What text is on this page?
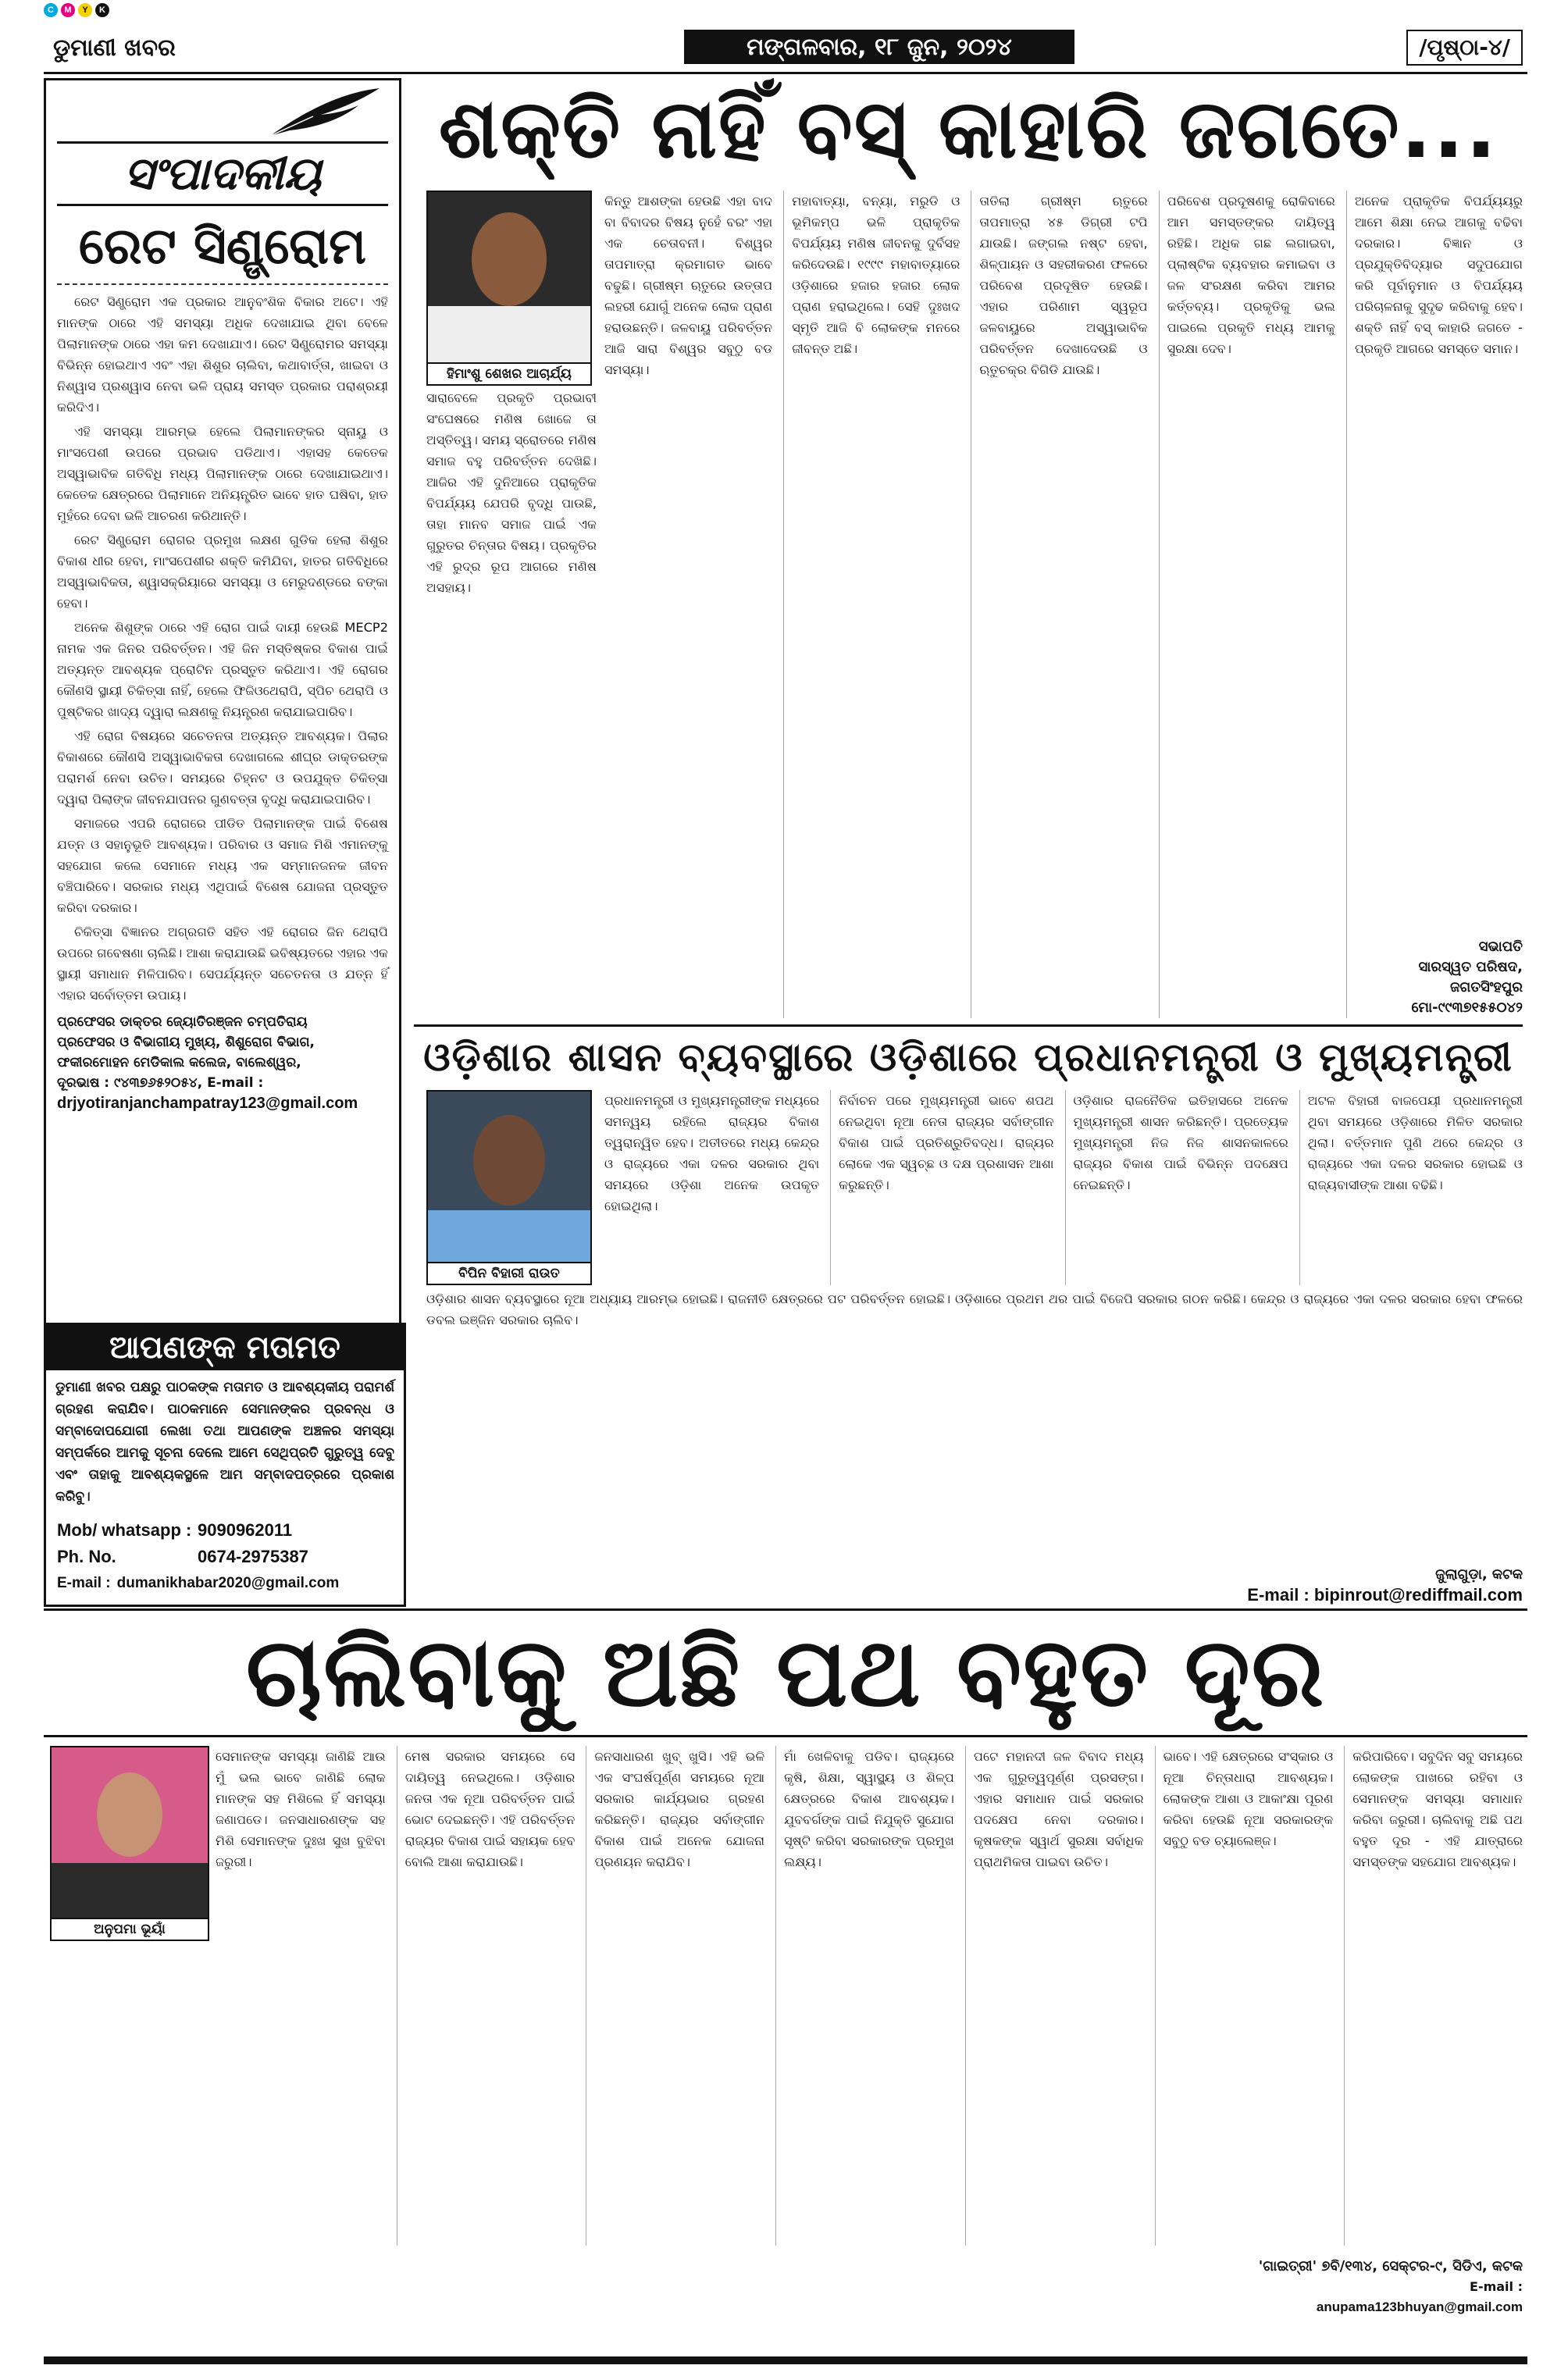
C	M	Y	K
ଡୁମାଣୀ ଖବର	ମଙ୍ଗଳବାର, ୧୮ ଜୁନ, ୨୦୨୪	/ପୃଷ୍ଠା-୪/
ସଂପାଦକୀୟ
ରେଟ ସିଣ୍ଡ୍ରୋମ

ରେଟ ସିଣ୍ଡ୍ରୋମ ଏକ ପ୍ରକାର ଆନୁବଂଶିକ ବିକାର ଅଟେ। ଏହି ମାନଙ୍କ ଠାରେ ଏହି ସମସ୍ୟା ଅଧିକ ଦେଖାଯାଇ ଥିବା ବେଳେ ପିଲାମାନଙ୍କ ଠାରେ ଏହା କମ ଦେଖାଯାଏ। ରେଟ ସିଣ୍ଡ୍ରୋମର ସମସ୍ୟା ବିଭିନ୍ନ ହୋଇଥାଏ ଏବଂ ଏହା ଶିଶୁର ଚାଲିବା, କଥାବାର୍ତ୍ତା, ଖାଇବା ଓ ନିଶ୍ୱାସ ପ୍ରଶ୍ୱାସ ନେବା ଭଳି ପ୍ରାୟ ସମସ୍ତ ପ୍ରକାର ପରାଶ୍ରୟୀ କରିଦିଏ।

ଏହି ସମସ୍ୟା ଆରମ୍ଭ ହେଲେ ପିଲାମାନଙ୍କର ସ୍ନାୟୁ ଓ ମାଂସପେଶୀ ଉପରେ ପ୍ରଭାବ ପଡିଥାଏ। ଏହାସହ କେତେକ ଅସ୍ୱାଭାବିକ ଗତିବିଧି ମଧ୍ୟ ପିଲାମାନଙ୍କ ଠାରେ ଦେଖାଯାଇଥାଏ। କେତେକ କ୍ଷେତ୍ରରେ ପିଲାମାନେ ଅନିୟନ୍ତ୍ରିତ ଭାବେ ହାତ ଘଷିବା, ହାତ ମୁହଁରେ ଦେବା ଭଳି ଆଚରଣ କରିଥାନ୍ତି।

ରେଟ ସିଣ୍ଡ୍ରୋମ ରୋଗର ପ୍ରମୁଖ ଲକ୍ଷଣ ଗୁଡିକ ହେଲା ଶିଶୁର ବିକାଶ ଧୀର ହେବା, ମାଂସପେଶୀର ଶକ୍ତି କମିଯିବା, ହାତର ଗତିବିଧିରେ ଅସ୍ୱାଭାବିକତା, ଶ୍ୱାସକ୍ରିୟାରେ ସମସ୍ୟା ଓ ମେରୁଦଣ୍ଡରେ ବଙ୍କା ହେବା।

ଅନେକ ଶିଶୁଙ୍କ ଠାରେ ଏହି ରୋଗ ପାଇଁ ଦାୟୀ ହେଉଛି MECP2 ନାମକ ଏକ ଜିନର ପରିବର୍ତ୍ତନ। ଏହି ଜିନ ମସ୍ତିଷ୍କର ବିକାଶ ପାଇଁ ଅତ୍ୟନ୍ତ ଆବଶ୍ୟକ ପ୍ରୋଟିନ ପ୍ରସ୍ତୁତ କରିଥାଏ। ଏହି ରୋଗର କୌଣସି ସ୍ଥାୟୀ ଚିକିତ୍ସା ନାହିଁ, ହେଲେ ଫିଜିଓଥେରାପି, ସ୍ପିଚ ଥେରାପି ଓ ପୁଷ୍ଟିକର ଖାଦ୍ୟ ଦ୍ୱାରା ଲକ୍ଷଣକୁ ନିୟନ୍ତ୍ରଣ କରାଯାଇପାରିବ।

ଏହି ରୋଗ ବିଷୟରେ ସଚେତନତା ଅତ୍ୟନ୍ତ ଆବଶ୍ୟକ। ପିଲାର ବିକାଶରେ କୌଣସି ଅସ୍ୱାଭାବିକତା ଦେଖାଗଲେ ଶୀଘ୍ର ଡାକ୍ତରଙ୍କ ପରାମର୍ଶ ନେବା ଉଚିତ। ସମୟରେ ଚିହ୍ନଟ ଓ ଉପଯୁକ୍ତ ଚିକିତ୍ସା ଦ୍ୱାରା ପିଲାଙ୍କ ଜୀବନଯାପନର ଗୁଣବତ୍ତା ବୃଦ୍ଧି କରାଯାଇପାରିବ।

ସମାଜରେ ଏପରି ରୋଗରେ ପୀଡିତ ପିଲାମାନଙ୍କ ପାଇଁ ବିଶେଷ ଯତ୍ନ ଓ ସହାନୁଭୂତି ଆବଶ୍ୟକ। ପରିବାର ଓ ସମାଜ ମିଶି ଏମାନଙ୍କୁ ସହଯୋଗ କଲେ ସେମାନେ ମଧ୍ୟ ଏକ ସମ୍ମାନଜନକ ଜୀବନ ବଞ୍ଚିପାରିବେ। ସରକାର ମଧ୍ୟ ଏଥିପାଇଁ ବିଶେଷ ଯୋଜନା ପ୍ରସ୍ତୁତ କରିବା ଦରକାର।

ଚିକିତ୍ସା ବିଜ୍ଞାନର ଅଗ୍ରଗତି ସହିତ ଏହି ରୋଗର ଜିନ ଥେରାପି ଉପରେ ଗବେଷଣା ଚାଲିଛି। ଆଶା କରାଯାଉଛି ଭବିଷ୍ୟତରେ ଏହାର ଏକ ସ୍ଥାୟୀ ସମାଧାନ ମିଳିପାରିବ। ସେପର୍ଯ୍ୟନ୍ତ ସଚେତନତା ଓ ଯତ୍ନ ହିଁ ଏହାର ସର୍ବୋତ୍ତମ ଉପାୟ।

ପ୍ରଫେସର ଡାକ୍ତର ଜ୍ୟୋତିରଞ୍ଜନ ଚମ୍ପତିରାୟ
ପ୍ରଫେସର ଓ ବିଭାଗୀୟ ମୁଖ୍ୟ, ଶିଶୁରୋଗ ବିଭାଗ,
ଫକୀରମୋହନ ମେଡିକାଲ କଲେଜ, ବାଲେଶ୍ୱର,
ଦୂରଭାଷ : ୯୪୩୭୬୫୨୦୫୪, E-mail :
drjyotiranjanchampatray123@gmail.com
ଆପଣଙ୍କ ମତାମତ
ଡୁମାଣୀ ଖବର ପକ୍ଷରୁ ପାଠକଙ୍କ ମତାମତ ଓ ଆବଶ୍ୟକୀୟ ପରାମର୍ଶ ଗ୍ରହଣ କରାଯିବ। ପାଠକମାନେ ସେମାନଙ୍କର ପ୍ରବନ୍ଧ ଓ ସମ୍ବାଦୋପଯୋଗୀ ଲେଖା ତଥା ଆପଣଙ୍କ ଅଞ୍ଚଳର ସମସ୍ୟା ସମ୍ପର୍କରେ ଆମକୁ ସୂଚନା ଦେଲେ ଆମେ ସେଥିପ୍ରତି ଗୁରୁତ୍ୱ ଦେବୁ ଏବଂ ତାହାକୁ ଆବଶ୍ୟକସ୍ଥଳେ ଆମ ସମ୍ବାଦପତ୍ରରେ ପ୍ରକାଶ କରିବୁ।
Mob/ whatsapp : 9090962011
Ph. No.	0674-2975387
E-mail : dumanikhabar2020@gmail.com
ଶକ୍ତି ନାହିଁ ବସ୍ କାହାରି ଜଗତେ...
ହିମାଂଶୁ ଶେଖର ଆଚାର୍ଯ୍ୟ
ସାରାବେଳେ ପ୍ରକୃତି ପ୍ରଭାବୀ ସଂଘେଷରେ ମଣିଷ ଖୋଜେ ତା ଅସ୍ତିତ୍ୱ। ସମୟ ସ୍ରୋତରେ ମଣିଷ ସମାଜ ବହୁ ପରିବର୍ତ୍ତନ ଦେଖିଛି। ଆଜିର ଏହି ଦୁନିଆରେ ପ୍ରାକୃତିକ ବିପର୍ଯ୍ୟୟ ଯେପରି ବୃଦ୍ଧି ପାଉଛି, ତାହା ମାନବ ସମାଜ ପାଇଁ ଏକ ଗୁରୁତର ଚିନ୍ତାର ବିଷୟ। ପ୍ରକୃତିର ଏହି ରୁଦ୍ର ରୂପ ଆଗରେ ମଣିଷ ଅସହାୟ।
କିନ୍ତୁ ଆଶଙ୍କା ହେଉଛି ଏହା ବାଦ ବା ବିବାଦର ବିଷୟ ନୁହେଁ ବରଂ ଏହା ଏକ ଚେତାବନୀ। ବିଶ୍ୱର ତାପମାତ୍ରା କ୍ରମାଗତ ଭାବେ ବଢୁଛି। ଗ୍ରୀଷ୍ମ ଋତୁରେ ଉତ୍ତାପ ଲହରୀ ଯୋଗୁଁ ଅନେକ ଲୋକ ପ୍ରାଣ ହରାଉଛନ୍ତି। ଜଳବାୟୁ ପରିବର୍ତ୍ତନ ଆଜି ସାରା ବିଶ୍ୱର ସବୁଠୁ ବଡ ସମସ୍ୟା।
ମହାବାତ୍ୟା, ବନ୍ୟା, ମରୁଡି ଓ ଭୂମିକମ୍ପ ଭଳି ପ୍ରାକୃତିକ ବିପର୍ଯ୍ୟୟ ମଣିଷ ଜୀବନକୁ ଦୁର୍ବିସହ କରିଦେଉଛି। ୧୯୯୯ ମହାବାତ୍ୟାରେ ଓଡ଼ିଶାରେ ହଜାର ହଜାର ଲୋକ ପ୍ରାଣ ହରାଇଥିଲେ। ସେହି ଦୁଃଖଦ ସ୍ମୃତି ଆଜି ବି ଲୋକଙ୍କ ମନରେ ଜୀବନ୍ତ ଅଛି।
ତାତିଲା ଗ୍ରୀଷ୍ମ ଋତୁରେ ତାପମାତ୍ରା ୪୫ ଡିଗ୍ରୀ ଟପି ଯାଉଛି। ଜଙ୍ଗଲ ନଷ୍ଟ ହେବା, ଶିଳ୍ପାୟନ ଓ ସହରୀକରଣ ଫଳରେ ପରିବେଶ ପ୍ରଦୂଷିତ ହେଉଛି। ଏହାର ପରିଣାମ ସ୍ୱରୂପ ଜଳବାୟୁରେ ଅସ୍ୱାଭାବିକ ପରିବର୍ତ୍ତନ ଦେଖାଦେଉଛି ଓ ଋତୁଚକ୍ର ବିଗିଡି ଯାଉଛି।
ପରିବେଶ ପ୍ରଦୂଷଣକୁ ରୋକିବାରେ ଆମ ସମସ୍ତଙ୍କର ଦାୟିତ୍ୱ ରହିଛି। ଅଧିକ ଗଛ ଲଗାଇବା, ପ୍ଲାଷ୍ଟିକ ବ୍ୟବହାର କମାଇବା ଓ ଜଳ ସଂରକ୍ଷଣ କରିବା ଆମର କର୍ତ୍ତବ୍ୟ। ପ୍ରକୃତିକୁ ଭଲ ପାଇଲେ ପ୍ରକୃତି ମଧ୍ୟ ଆମକୁ ସୁରକ୍ଷା ଦେବ।
ଅନେକ ପ୍ରାକୃତିକ ବିପର୍ଯ୍ୟୟରୁ ଆମେ ଶିକ୍ଷା ନେଇ ଆଗକୁ ବଢିବା ଦରକାର। ବିଜ୍ଞାନ ଓ ପ୍ରଯୁକ୍ତିବିଦ୍ୟାର ସଦୁପଯୋଗ କରି ପୂର୍ବାନୁମାନ ଓ ବିପର୍ଯ୍ୟୟ ପରିଚାଳନାକୁ ସୁଦୃଢ କରିବାକୁ ହେବ। ଶକ୍ତି ନାହିଁ ବସ୍ କାହାରି ଜଗତେ - ପ୍ରକୃତି ଆଗରେ ସମସ୍ତେ ସମାନ।
ସଭାପତି
ସାରସ୍ୱତ ପରିଷଦ, ଜଗତସିଂହପୁର
ମୋ-୯୯୩୭୧୫୫୦୪୨
ଓଡ଼ିଶାର ଶାସନ ବ୍ୟବସ୍ଥାରେ ଓଡ଼ିଶାରେ ପ୍ରଧାନମନ୍ତ୍ରୀ ଓ ମୁଖ୍ୟମନ୍ତ୍ରୀ
ବିପିନ ବିହାରୀ ରାଉତ
ଓଡ଼ିଶାର ଶାସନ ବ୍ୟବସ୍ଥାରେ ନୂଆ ଅଧ୍ୟାୟ ଆରମ୍ଭ ହୋଇଛି। ରାଜନୀତି କ୍ଷେତ୍ରରେ ପଟ ପରିବର୍ତ୍ତନ ହୋଇଛି। ଓଡ଼ିଶାରେ ପ୍ରଥମ ଥର ପାଇଁ ବିଜେପି ସରକାର ଗଠନ କରିଛି। କେନ୍ଦ୍ର ଓ ରାଜ୍ୟରେ ଏକା ଦଳର ସରକାର ହେବା ଫଳରେ ଡବଲ ଇଞ୍ଜିନ ସରକାର ଚାଲିବ।
ପ୍ରଧାନମନ୍ତ୍ରୀ ଓ ମୁଖ୍ୟମନ୍ତ୍ରୀଙ୍କ ମଧ୍ୟରେ ସମନ୍ୱୟ ରହିଲେ ରାଜ୍ୟର ବିକାଶ ତ୍ୱରାନ୍ୱିତ ହେବ। ଅତୀତରେ ମଧ୍ୟ କେନ୍ଦ୍ର ଓ ରାଜ୍ୟରେ ଏକା ଦଳର ସରକାର ଥିବା ସମୟରେ ଓଡ଼ିଶା ଅନେକ ଉପକୃତ ହୋଇଥିଲା।
ନିର୍ବାଚନ ପରେ ମୁଖ୍ୟମନ୍ତ୍ରୀ ଭାବେ ଶପଥ ନେଇଥିବା ନୂଆ ନେତା ରାଜ୍ୟର ସର୍ବାଙ୍ଗୀନ ବିକାଶ ପାଇଁ ପ୍ରତିଶ୍ରୁତିବଦ୍ଧ। ରାଜ୍ୟର ଲୋକେ ଏକ ସ୍ୱଚ୍ଛ ଓ ଦକ୍ଷ ପ୍ରଶାସନ ଆଶା କରୁଛନ୍ତି।
ଓଡ଼ିଶାର ରାଜନୈତିକ ଇତିହାସରେ ଅନେକ ମୁଖ୍ୟମନ୍ତ୍ରୀ ଶାସନ କରିଛନ୍ତି। ପ୍ରତ୍ୟେକ ମୁଖ୍ୟମନ୍ତ୍ରୀ ନିଜ ନିଜ ଶାସନକାଳରେ ରାଜ୍ୟର ବିକାଶ ପାଇଁ ବିଭିନ୍ନ ପଦକ୍ଷେପ ନେଇଛନ୍ତି।
ଅଟଳ ବିହାରୀ ବାଜପେୟୀ ପ୍ରଧାନମନ୍ତ୍ରୀ ଥିବା ସମୟରେ ଓଡ଼ିଶାରେ ମିଳିତ ସରକାର ଥିଲା। ବର୍ତ୍ତମାନ ପୁଣି ଥରେ କେନ୍ଦ୍ର ଓ ରାଜ୍ୟରେ ଏକା ଦଳର ସରକାର ହୋଇଛି ଓ ରାଜ୍ୟବାସୀଙ୍କ ଆଶା ବଢିଛି।
ଜୁଲାଗୁଡ଼ା, କଟକ
E-mail : bipinrout@rediffmail.com
ଚାଲିବାକୁ ଅଛି ପଥ ବହୁତ ଦୂର
ଅନୁପମା ଭୂୟାଁ
ସେମାନଙ୍କ ସମସ୍ୟା ଜାଣିଛି ଆଉ ମୁଁ ଭଲ ଭାବେ ଜାଣିଛି ଲୋକ ମାନଙ୍କ ସହ ମିଶିଲେ ହିଁ ସମସ୍ୟା ଜଣାପଡେ। ଜନସାଧାରଣଙ୍କ ସହ ମିଶି ସେମାନଙ୍କ ଦୁଃଖ ସୁଖ ବୁଝିବା ଜରୁରୀ।
ମେଷ ସରକାର ସମୟରେ ସେ ଦାୟିତ୍ୱ ନେଇଥିଲେ। ଓଡ଼ିଶାର ଜନତା ଏକ ନୂଆ ପରିବର୍ତ୍ତନ ପାଇଁ ଭୋଟ ଦେଇଛନ୍ତି। ଏହି ପରିବର୍ତ୍ତନ ରାଜ୍ୟର ବିକାଶ ପାଇଁ ସହାୟକ ହେବ ବୋଲି ଆଶା କରାଯାଉଛି।
ଜନସାଧାରଣ ଖୁବ୍ ଖୁସି। ଏହି ଭଳି ଏକ ସଂଘର୍ଷପୂର୍ଣ୍ଣ ସମୟରେ ନୂଆ ସରକାର କାର୍ଯ୍ୟଭାର ଗ୍ରହଣ କରିଛନ୍ତି। ରାଜ୍ୟର ସର୍ବାଙ୍ଗୀନ ବିକାଶ ପାଇଁ ଅନେକ ଯୋଜନା ପ୍ରଣୟନ କରାଯିବ।
ମାଁ ଖେଳିବାକୁ ପଡିବ। ରାଜ୍ୟରେ କୃଷି, ଶିକ୍ଷା, ସ୍ୱାସ୍ଥ୍ୟ ଓ ଶିଳ୍ପ କ୍ଷେତ୍ରରେ ବିକାଶ ଆବଶ୍ୟକ। ଯୁବବର୍ଗଙ୍କ ପାଇଁ ନିଯୁକ୍ତି ସୁଯୋଗ ସୃଷ୍ଟି କରିବା ସରକାରଙ୍କ ପ୍ରମୁଖ ଲକ୍ଷ୍ୟ।
ପଟେ ମହାନଦୀ ଜଳ ବିବାଦ ମଧ୍ୟ ଏକ ଗୁରୁତ୍ୱପୂର୍ଣ୍ଣ ପ୍ରସଙ୍ଗ। ଏହାର ସମାଧାନ ପାଇଁ ସରକାର ପଦକ୍ଷେପ ନେବା ଦରକାର। କୃଷକଙ୍କ ସ୍ୱାର୍ଥ ସୁରକ୍ଷା ସର୍ବାଧିକ ପ୍ରାଥମିକତା ପାଇବା ଉଚିତ।
ଭାବେ। ଏହି କ୍ଷେତ୍ରରେ ସଂସ୍କାର ଓ ନୂଆ ଚିନ୍ତାଧାରା ଆବଶ୍ୟକ। ଲୋକଙ୍କ ଆଶା ଓ ଆକାଂକ୍ଷା ପୂରଣ କରିବା ହେଉଛି ନୂଆ ସରକାରଙ୍କ ସବୁଠୁ ବଡ ଚ୍ୟାଲେଞ୍ଜ।
କରିପାରିବେ। ସବୁଦିନ ସବୁ ସମୟରେ ଲୋକଙ୍କ ପାଖରେ ରହିବା ଓ ସେମାନଙ୍କ ସମସ୍ୟା ସମାଧାନ କରିବା ଜରୁରୀ। ଚାଲିବାକୁ ଅଛି ପଥ ବହୁତ ଦୂର - ଏହି ଯାତ୍ରାରେ ସମସ୍ତଙ୍କ ସହଯୋଗ ଆବଶ୍ୟକ।
'ଗାଇତ୍ରୀ' ୭ବି/୧୩୪, ସେକ୍ଟର-୯, ସିଡିଏ, କଟକ
E-mail :
anupama123bhuyan@gmail.com
